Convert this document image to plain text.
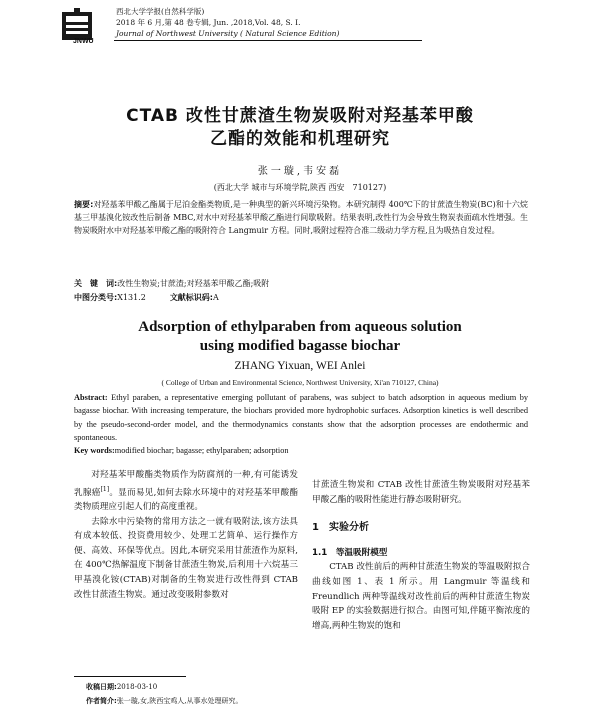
JNWU
西北大学学报(自然科学版)
2018 年 6 月,第 48 卷专辑, Jun. ,2018,Vol. 48, S. I.
Journal of Northwest University ( Natural Science Edition)
CTAB 改性甘蔗渣生物炭吸附对羟基苯甲酸
乙酯的效能和机理研究
张一璇,韦安磊
(西北大学 城市与环境学院,陕西 西安　710127)
摘要:对羟基苯甲酸乙酯属于尼泊金酯类物质,是一种典型的新兴环境污染物。本研究制得 400℃下的甘蔗渣生物炭(BC)和十六烷基三甲基溴化铵改性后制备 MBC,对水中对羟基苯甲酸乙酯进行间歇吸附。结果表明,改性行为会导致生物炭表面疏水性增强。生物炭吸附水中对羟基苯甲酸乙酯的吸附符合 Langmuir 方程。同时,吸附过程符合准二级动力学方程,且为吸热自发过程。
关　键　词:改性生物炭;甘蔗渣;对羟基苯甲酸乙酯;吸附
中图分类号:X131.2	文献标识码:A
Adsorption of ethylparaben from aqueous solution
using modified bagasse biochar
ZHANG Yixuan, WEI Anlei
( College of Urban and Environmental Science, Northwest University, Xi'an 710127, China)
Abstract: Ethyl paraben, a representative emerging pollutant of parabens, was subject to batch adsorption in aqueous medium by bagasse biochar. With increasing temperature, the biochars provided more hydrophobic surfaces. Adsorption kinetics is well described by the pseudo-second-order model, and the thermodynamics constants show that the adsorption processes are endothermic and spontaneous.
Key words:modified biochar; bagasse; ethylparaben; adsorption

对羟基苯甲酸酯类物质作为防腐剂的一种,有可能诱发乳腺癌[1]。显而易见,如何去除水环境中的对羟基苯甲酸酯类物质理应引起人们的高度重视。

去除水中污染物的常用方法之一就有吸附法,该方法具有成本较低、投资费用较少、处理工艺简单、运行操作方便、高效、环保等优点。因此,本研究采用甘蔗渣作为原料,在 400℃热解温度下制备甘蔗渣生物炭,后利用十六烷基三甲基溴化铵(CTAB)对制备的生物炭进行改性得到 CTAB 改性甘蔗渣生物炭。通过改变吸附参数对

甘蔗渣生物炭和 CTAB 改性甘蔗渣生物炭吸附对羟基苯甲酸乙酯的吸附性能进行静态吸附研究。

1　实验分析
1.1　等温吸附模型

CTAB 改性前后的两种甘蔗渣生物炭的等温吸附拟合曲线如图 1、表 1 所示。用 Langmuir 等温线和 Freundlich 两种等温线对改性前后的两种甘蔗渣生物炭吸附 EP 的实验数据进行拟合。由图可知,伴随平衡浓度的增高,两种生物炭的饱和

收稿日期:2018-03-10
作者简介:张一璇,女,陕西宝鸡人,从事水处理研究。
